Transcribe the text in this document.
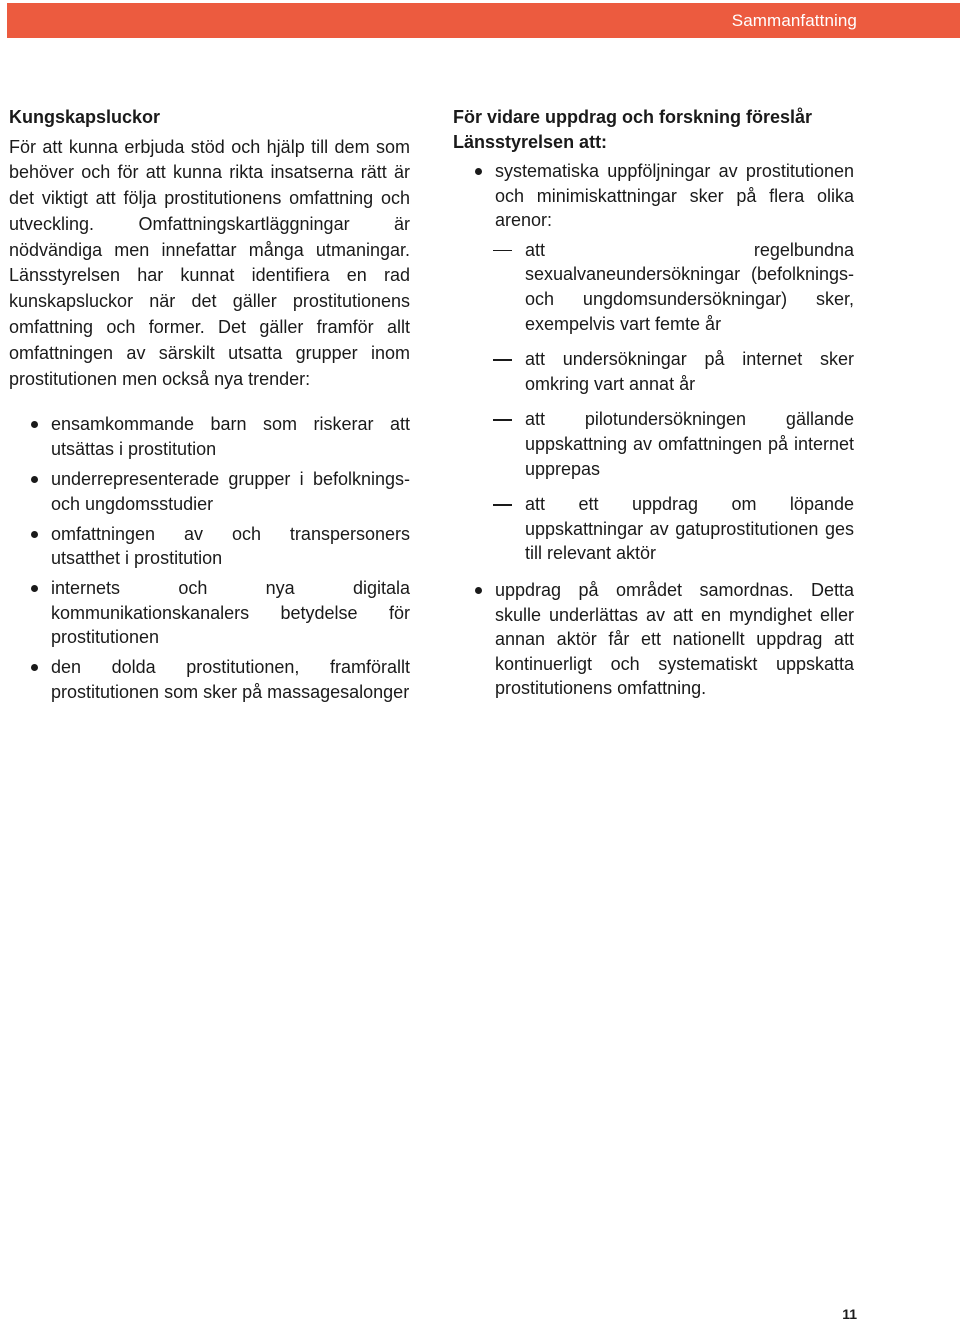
Sammanfattning
Kungskapsluckor

För att kunna erbjuda stöd och hjälp till dem som behöver och för att kunna rikta insatserna rätt är det viktigt att följa prostitutionens omfattning och utveckling. Omfattningskartläggningar är nödvändiga men innefattar många utmaningar. Länsstyrelsen har kunnat identifiera en rad kunskapsluckor när det gäller prostitutionens omfattning och former. Det gäller framför allt omfattningen av särskilt utsatta grupper inom prostitutionen men också nya trender:

ensamkommande barn som riskerar att utsättas i prostitution
underrepresenterade grupper i befolknings- och ungdomsstudier
omfattningen av och transpersoners utsatthet i prostitution
internets och nya digitala kommunikationskanalers betydelse för prostitutionen
den dolda prostitutionen, framförallt prostitutionen som sker på massagesalonger
För vidare uppdrag och forskning föreslår Länsstyrelsen att:
systematiska uppföljningar av prostitutionen och minimiskattningar sker på flera olika arenor:
att regelbundna sexualvaneundersökningar (befolknings- och ungdomsundersökningar) sker, exempelvis vart femte år
att undersökningar på internet sker omkring vart annat år
att pilotundersökningen gällande uppskattning av omfattningen på internet upprepas
att ett uppdrag om löpande uppskattningar av gatuprostitutionen ges till relevant aktör
uppdrag på området samordnas. Detta skulle underlättas av att en myndighet eller annan aktör får ett nationellt uppdrag att kontinuerligt och systematiskt uppskatta prostitutionens omfattning.
11
